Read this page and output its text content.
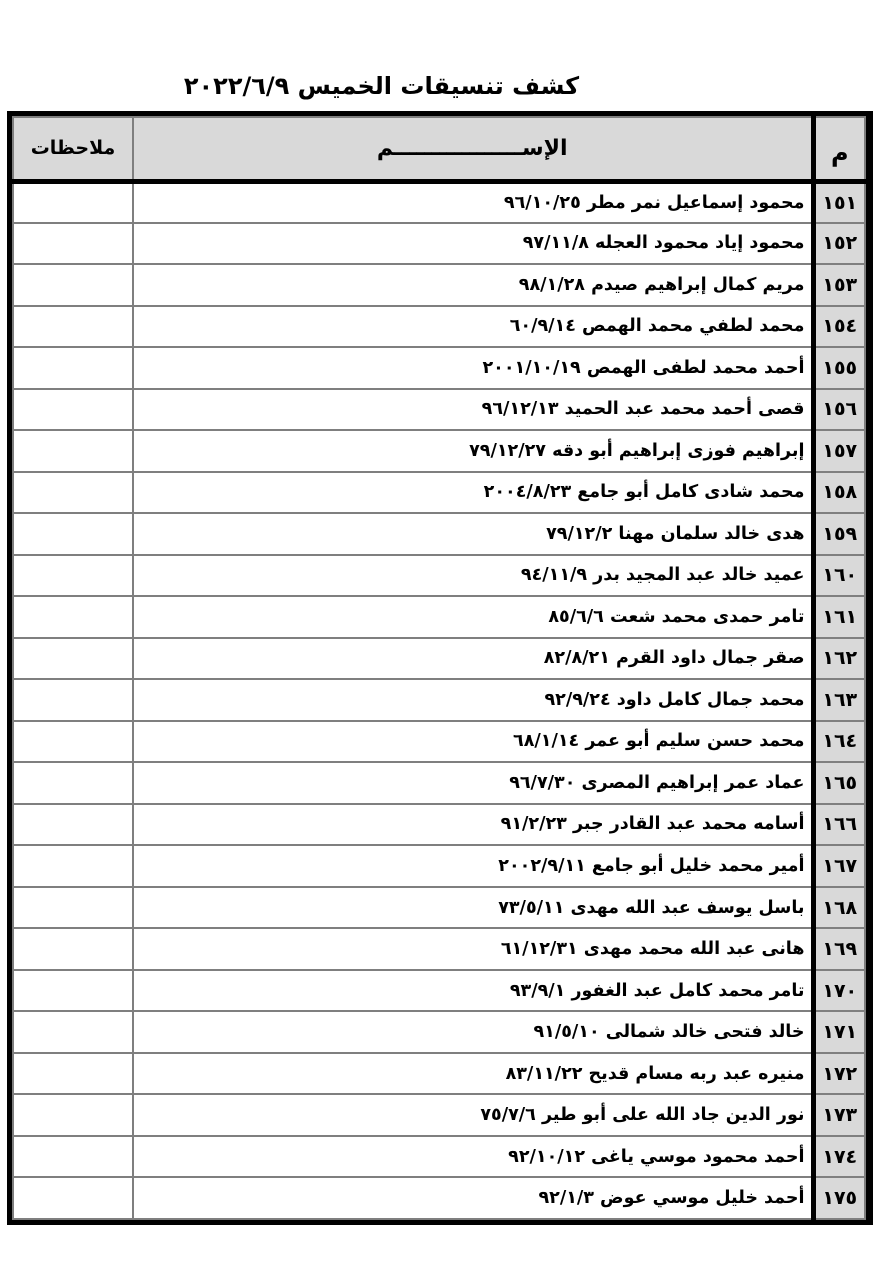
كشف تنسيقات الخميس ٢٠٢٢/٦/٩
م	الإســـــــــــــــــم	ملاحظات
١٥١	محمود إسماعيل نمر مطر ٩٦/١٠/٢٥	
١٥٢	محمود إياد محمود العجله ٩٧/١١/٨	
١٥٣	مريم كمال إبراهيم صيدم ٩٨/١/٢٨	
١٥٤	محمد لطفي محمد الهمص ٦٠/٩/١٤	
١٥٥	أحمد محمد لطفى الهمص ٢٠٠١/١٠/١٩	
١٥٦	قصى أحمد محمد عبد الحميد ٩٦/١٢/١٣	
١٥٧	إبراهيم فوزى إبراهيم أبو دقه ٧٩/١٢/٢٧	
١٥٨	محمد شادى كامل أبو جامع ٢٠٠٤/٨/٢٣	
١٥٩	هدى خالد سلمان مهنا ٧٩/١٢/٢	
١٦٠	عميد خالد عبد المجيد بدر ٩٤/١١/٩	
١٦١	تامر حمدى محمد شعت ٨٥/٦/٦	
١٦٢	صقر جمال داود القرم ٨٢/٨/٢١	
١٦٣	محمد جمال كامل داود ٩٢/٩/٢٤	
١٦٤	محمد حسن سليم أبو عمر ٦٨/١/١٤	
١٦٥	عماد عمر إبراهيم المصرى ٩٦/٧/٣٠	
١٦٦	أسامه محمد عبد القادر جبر ٩١/٢/٢٣	
١٦٧	أمير محمد خليل أبو جامع ٢٠٠٢/٩/١١	
١٦٨	باسل يوسف عبد الله مهدى ٧٣/٥/١١	
١٦٩	هانى عبد الله محمد مهدى ٦١/١٢/٣١	
١٧٠	تامر محمد كامل عبد الغفور ٩٣/٩/١	
١٧١	خالد فتحى خالد شمالى ٩١/٥/١٠	
١٧٢	منيره عبد ربه مسام قديح ٨٣/١١/٢٢	
١٧٣	نور الدين جاد الله على أبو طير ٧٥/٧/٦	
١٧٤	أحمد محمود موسي ياغى ٩٢/١٠/١٢	
١٧٥	أحمد خليل موسي عوض ٩٢/١/٣	
